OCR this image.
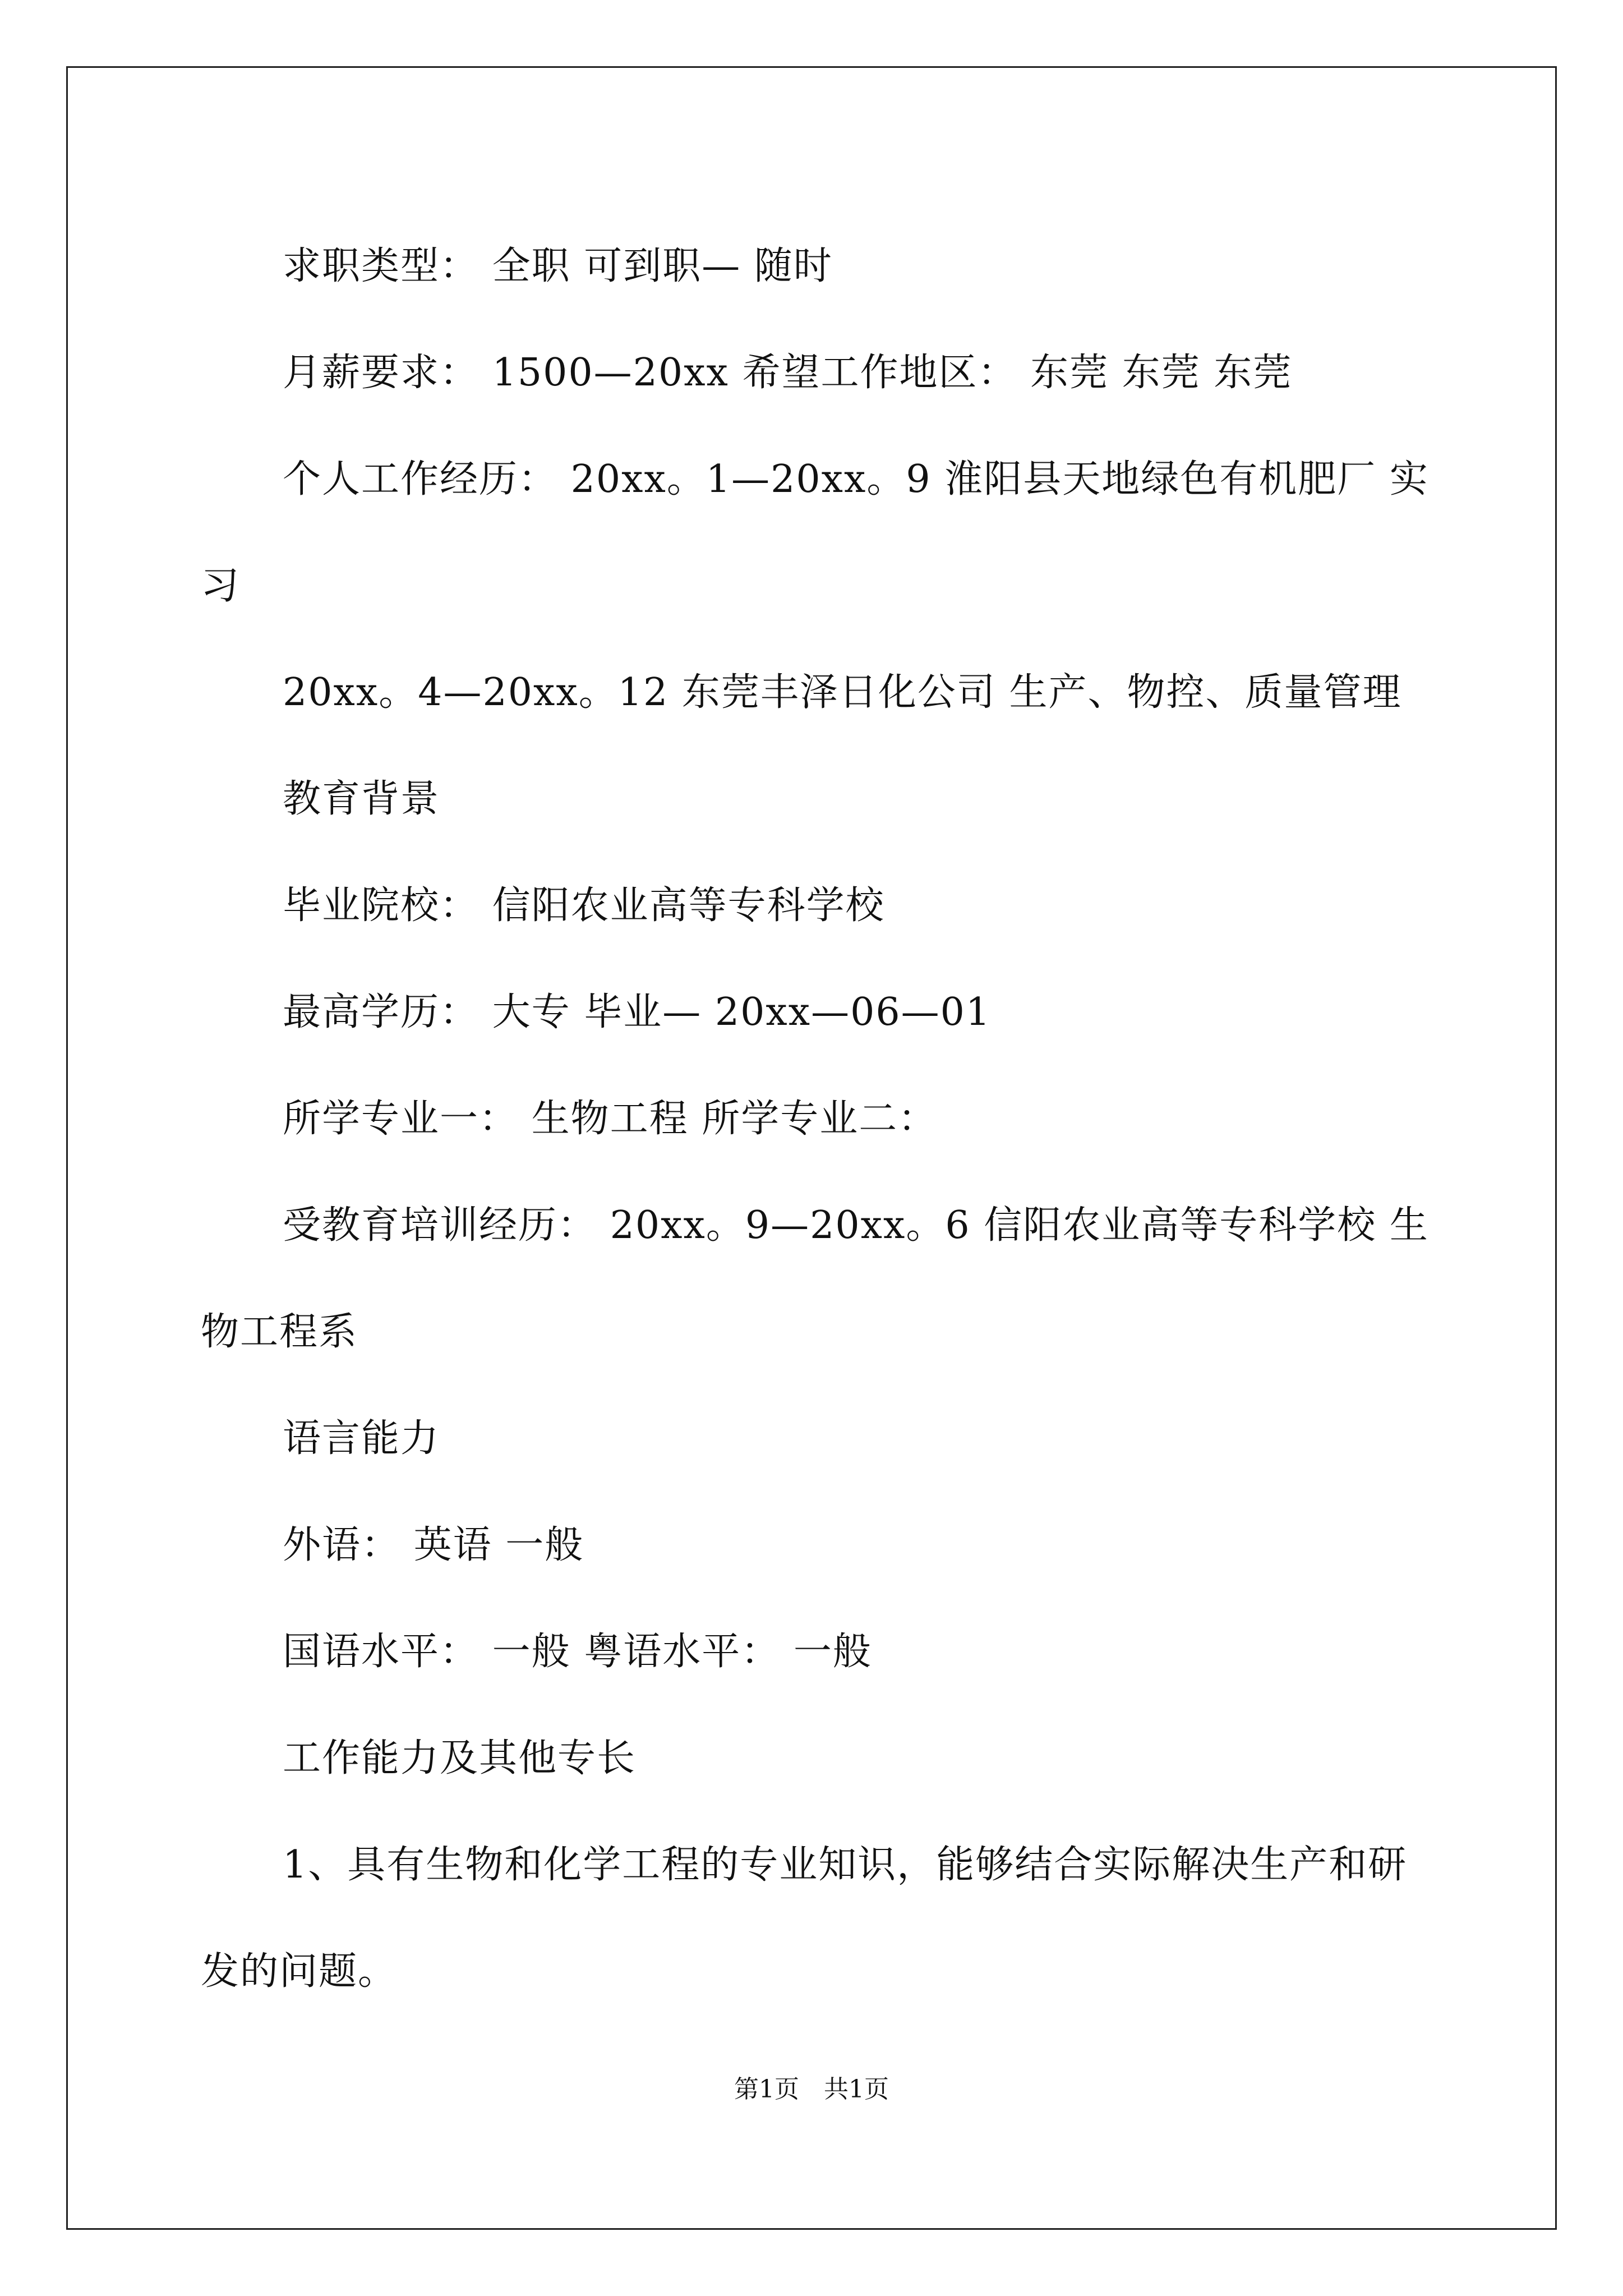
求职类型： 全职 可到职— 随时

月薪要求： 1500—20xx 希望工作地区： 东莞 东莞 东莞

个人工作经历： 20xx。1—20xx。9 淮阳县天地绿色有机肥厂 实习

20xx。4—20xx。12 东莞丰泽日化公司 生产、物控、质量管理

教育背景

毕业院校： 信阳农业高等专科学校

最高学历： 大专 毕业— 20xx—06—01

所学专业一： 生物工程 所学专业二：

受教育培训经历： 20xx。9—20xx。6 信阳农业高等专科学校 生物工程系

语言能力

外语： 英语 一般

国语水平： 一般 粤语水平： 一般

工作能力及其他专长

1、具有生物和化学工程的专业知识，能够结合实际解决生产和研发的问题。

第1页　共1页
